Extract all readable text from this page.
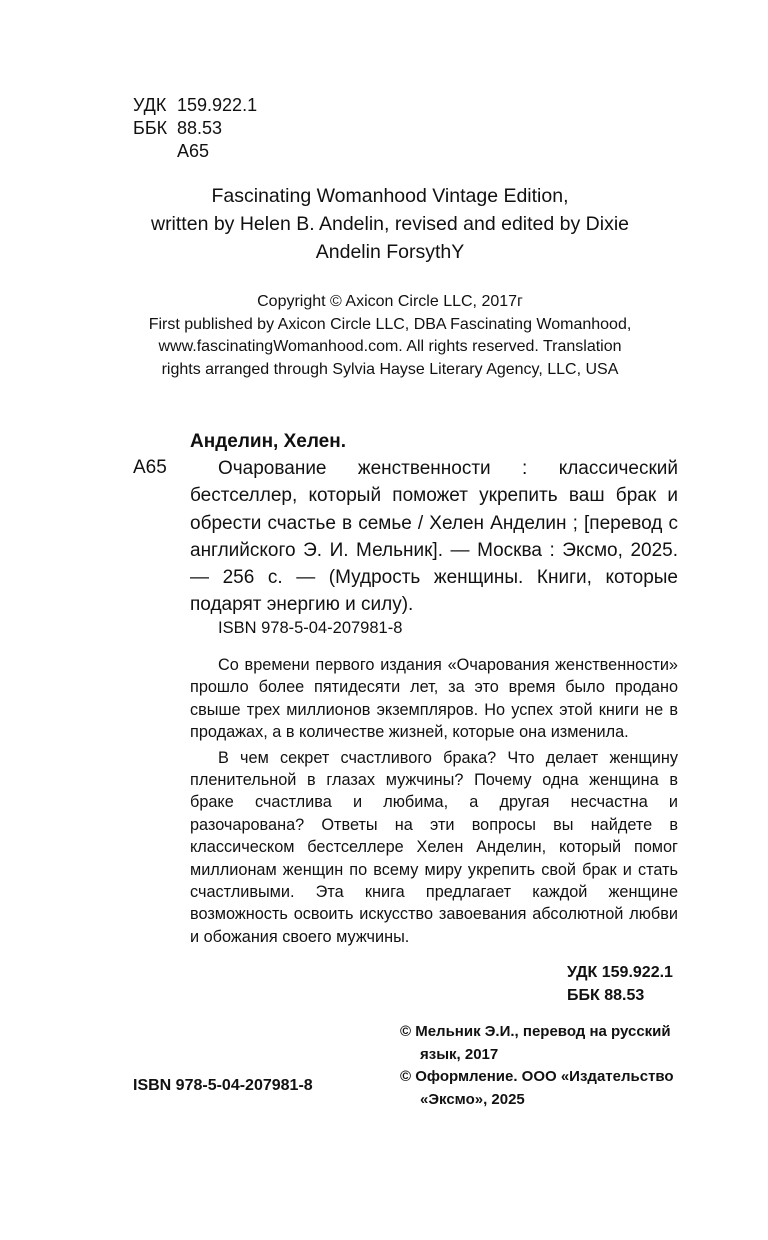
УДК 159.922.1
ББК 88.53
А65
Fascinating Womanhood Vintage Edition,
written by Helen B. Andelin, revised and edited by Dixie
Andelin ForsythY
Copyright © Axicon Circle LLC, 2017г
First published by Axicon Circle LLC, DBA Fascinating Womanhood,
www.fascinatingWomanhood.com. All rights reserved. Translation
rights arranged through Sylvia Hayse Literary Agency, LLC, USA
Анделин, Хелен.
А65	Очарование женственности : классический бестселлер, который поможет укрепить ваш брак и обрести счастье в семье / Хелен Анделин ; [перевод с английского Э. И. Мельник]. — Москва : Эксмо, 2025. — 256 с. — (Мудрость женщины. Книги, которые подарят энергию и силу).

ISBN 978-5-04-207981-8

Со времени первого издания «Очарования женственности» прошло более пятидесяти лет, за это время было продано свыше трех миллионов экземпляров. Но успех этой книги не в продажах, а в количестве жизней, которые она изменила.

В чем секрет счастливого брака? Что делает женщину пленительной в глазах мужчины? Почему одна женщина в браке счастлива и любима, а другая несчастна и разочарована? Ответы на эти вопросы вы найдете в классическом бестселлере Хелен Анделин, который помог миллионам женщин по всему миру укрепить свой брак и стать счастливыми. Эта книга предлагает каждой женщине возможность освоить искусство завоевания абсолютной любви и обожания своего мужчины.

УДК 159.922.1
ББК 88.53

© Мельник Э.И., перевод на русский язык, 2017

© Оформление. ООО «Издательство «Эксмо», 2025

ISBN 978-5-04-207981-8
